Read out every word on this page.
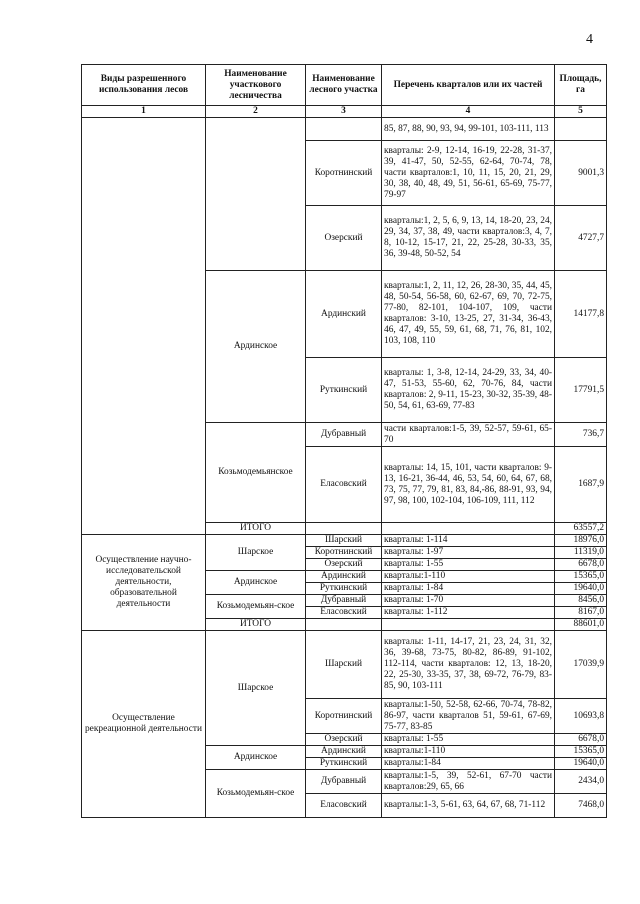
4
Виды разрешенного использования лесов	Наименование участкового лесничества	Наименование лесного участка	Перечень кварталов или их частей	Площадь, га
1	2	3	4	5
			85, 87, 88, 90, 93, 94, 99-101, 103-111, 113	
		Коротнинский	кварталы: 2-9, 12-14, 16-19, 22-28, 31-37, 39, 41-47, 50, 52-55, 62-64, 70-74, 78, части кварталов:1, 10, 11, 15, 20, 21, 29, 30, 38, 40, 48, 49, 51, 56-61, 65-69, 75-77, 79-97	9001,3
		Озерский	кварталы:1, 2, 5, 6, 9, 13, 14, 18-20, 23, 24, 29, 34, 37, 38, 49, части кварталов:3, 4, 7, 8, 10-12, 15-17, 21, 22, 25-28, 30-33, 35, 36, 39-48, 50-52, 54	4727,7
	Ардинское	Ардинский	кварталы:1, 2, 11, 12, 26, 28-30, 35, 44, 45, 48, 50-54, 56-58, 60, 62-67, 69, 70, 72-75, 77-80, 82-101, 104-107, 109, части кварталов: 3-10, 13-25, 27, 31-34, 36-43, 46, 47, 49, 55, 59, 61, 68, 71, 76, 81, 102, 103, 108, 110	14177,8
		Руткинский	кварталы: 1, 3-8, 12-14, 24-29, 33, 34, 40-47, 51-53, 55-60, 62, 70-76, 84, части кварталов: 2, 9-11, 15-23, 30-32, 35-39, 48-50, 54, 61, 63-69, 77-83	17791,5
	Козьмодемьянское	Дубравный	части кварталов:1-5, 39, 52-57, 59-61, 65-70	736,7
		Еласовский	кварталы: 14, 15, 101, части кварталов: 9-13, 16-21, 36-44, 46, 53, 54, 60, 64, 67, 68, 73, 75, 77, 79, 81, 83, 84,-86, 88-91, 93, 94, 97, 98, 100, 102-104, 106-109, 111, 112	1687,9
	ИТОГО			63557,2
Осуществление научно-исследовательской деятельности, образовательной деятельности	Шарское	Шарский	кварталы: 1-114	18976,0
		Коротнинский	кварталы: 1-97	11319,0
		Озерский	кварталы: 1-55	6678,0
	Ардинское	Ардинский	кварталы:1-110	15365,0
		Руткинский	кварталы: 1-84	19640,0
	Козьмодемьян-ское	Дубравный	кварталы: 1-70	8456,0
		Еласовский	кварталы: 1-112	8167,0
	ИТОГО			88601,0
Осуществление рекреационной деятельности	Шарское	Шарский	кварталы: 1-11, 14-17, 21, 23, 24, 31, 32, 36, 39-68, 73-75, 80-82, 86-89, 91-102, 112-114, части кварталов: 12, 13, 18-20, 22, 25-30, 33-35, 37, 38, 69-72, 76-79, 83-85, 90, 103-111	17039,9
		Коротнинский	кварталы:1-50, 52-58, 62-66, 70-74, 78-82, 86-97, части кварталов 51, 59-61, 67-69, 75-77, 83-85	10693,8
		Озерский	кварталы: 1-55	6678,0
	Ардинское	Ардинский	кварталы:1-110	15365,0
		Руткинский	кварталы:1-84	19640,0
	Козьмодемьян-ское	Дубравный	кварталы:1-5, 39, 52-61, 67-70 части кварталов:29, 65, 66	2434,0
		Еласовский	кварталы:1-3, 5-61, 63, 64, 67, 68, 71-112	7468,0
